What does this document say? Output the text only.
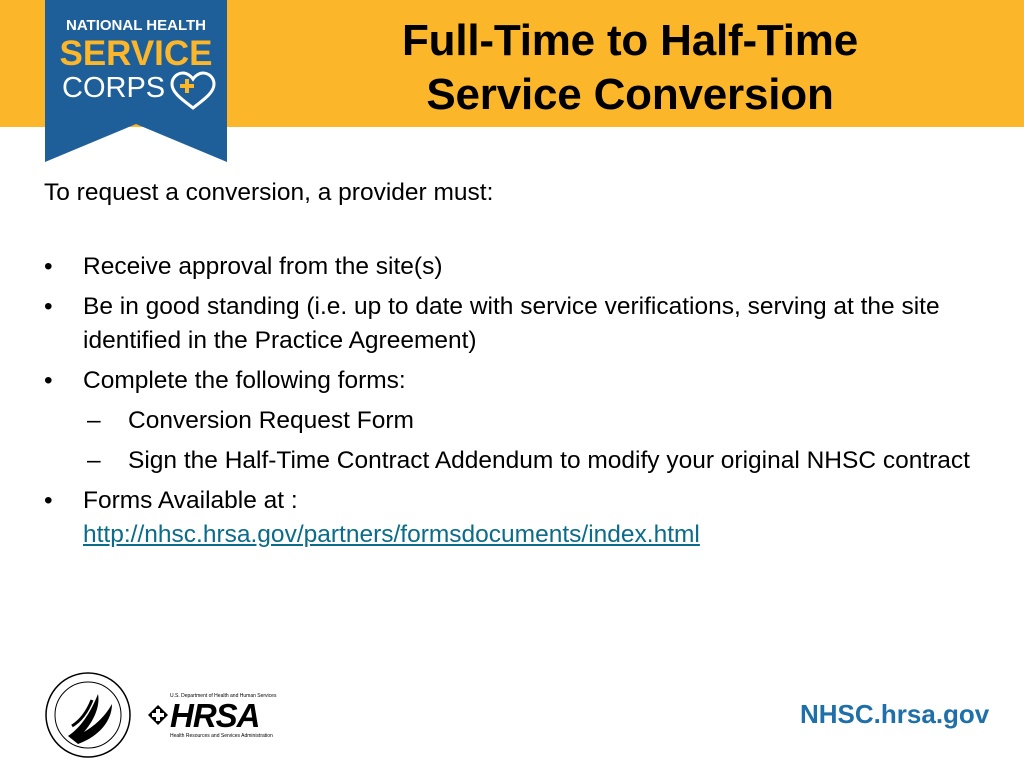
NATIONAL HEALTH
SERVICE
CORPS
Full-Time to Half-Time
Service Conversion

To request a conversion, a provider must:

• Receive approval from the site(s)
• Be in good standing (i.e. up to date with service verifications, serving at the site identified in the Practice Agreement)
• Complete the following forms:
– Conversion Request Form
– Sign the Half-Time Contract Addendum to modify your original NHSC contract
• Forms Available at :
http://nhsc.hrsa.gov/partners/formsdocuments/index.html
U.S. Department of Health and Human Services
HRSA
Health Resources and Services Administration
NHSC.hrsa.gov
